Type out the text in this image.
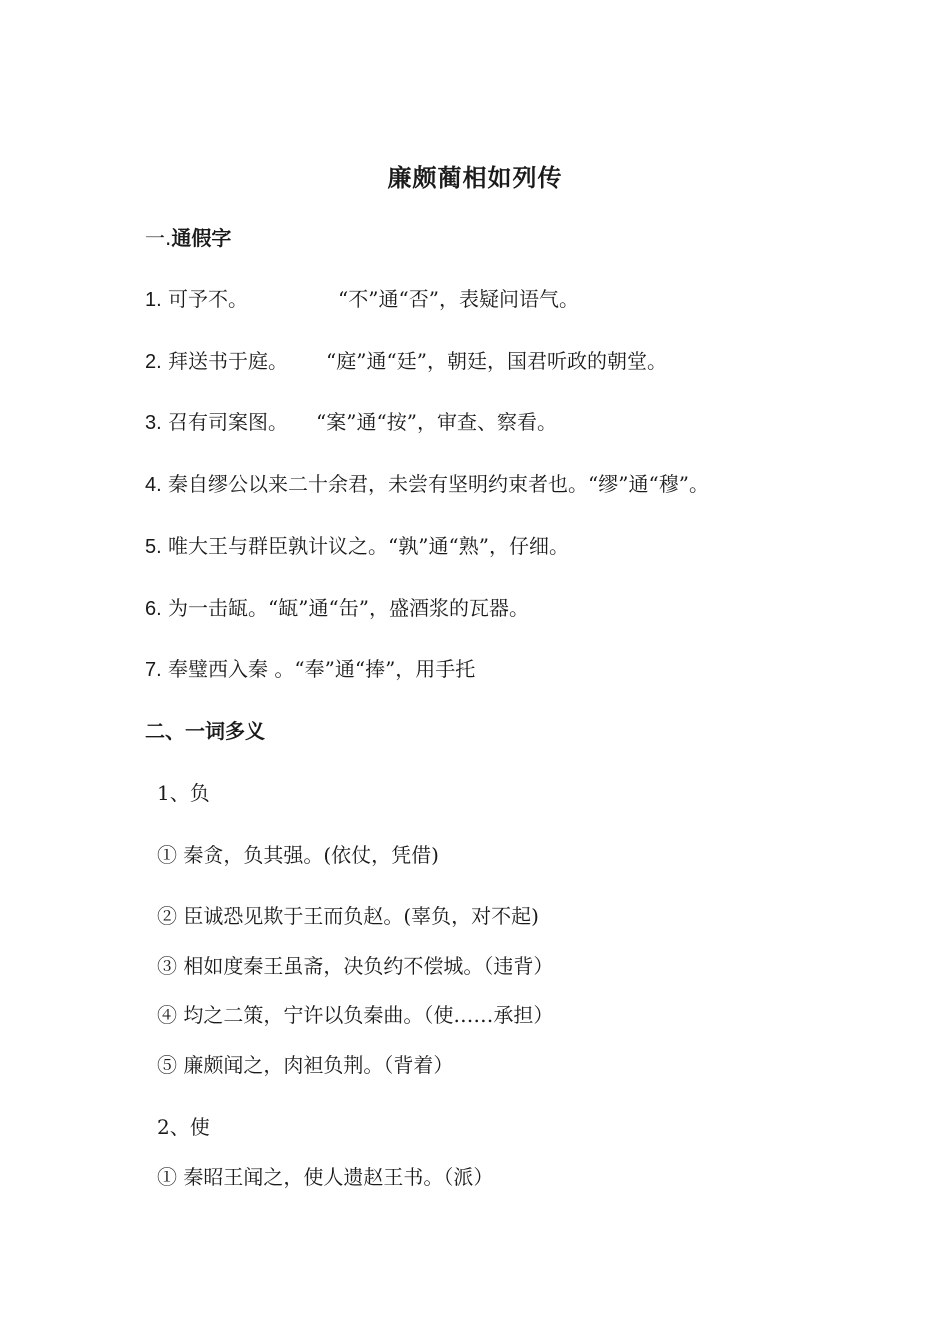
廉颇蔺相如列传
一.通假字
1. 可予不。	“不”通“否”，表疑问语气。
2. 拜送书于庭。 “庭”通“廷”，朝廷，国君听政的朝堂。
3. 召有司案图。 “案”通“按”，审查、察看。
4. 秦自缪公以来二十余君，未尝有坚明约束者也。“缪”通“穆”。
5. 唯大王与群臣孰计议之。“孰”通“熟”，仔细。
6. 为一击缻。“缻”通“缶”，盛酒浆的瓦器。
7. 奉璧西入秦 。“奉”通“捧”，用手托
二、一词多义
1、负
① 秦贪，负其强。(依仗，凭借)
② 臣诚恐见欺于王而负赵。(辜负，对不起)
③ 相如度秦王虽斋，决负约不偿城。（违背）
④ 均之二策，宁许以负秦曲。（使……承担）
⑤ 廉颇闻之，肉袒负荆。（背着）
2、使
① 秦昭王闻之，使人遗赵王书。（派）
